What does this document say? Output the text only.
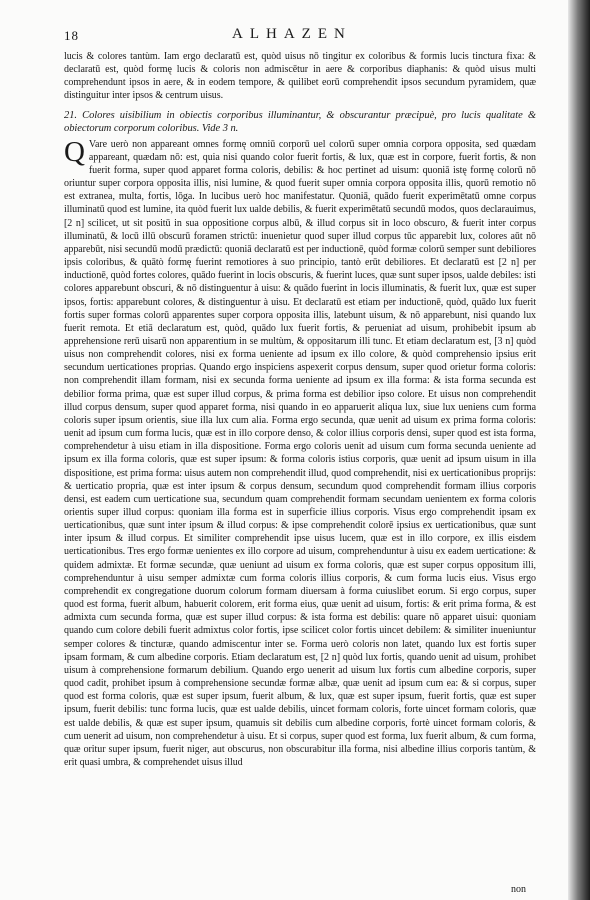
18	ALHAZEN

lucis & colores tantùm. Iam ergo declaratū est, quòd uisus nō tingitur ex coloribus & formis lucis tinctura fixa: & declaratū est, quòd formę lucis & coloris non admiscētur in aere & corporibus diaphanis: & quòd uisus multi comprehendunt ipsos in aere, & in eodem tempore, & quilibet eorū comprehendit ipsos secundum pyramidem, quæ distinguitur inter ipsos & centrum uisus.

21. Colores uisibilium in obiectis corporibus illuminantur, & obscurantur præcipuè, pro lucis qualitate & obiectorum corporum coloribus. Vide 3 n.

Q Vare uerò non appareant omnes formę omniū corporū uel colorū super omnia corpora opposita, sed quædam appareant, quædam nō: est, quia nisi quando color fuerit fortis, & lux, quæ est in corpore, fuerit fortis, & non fuerit forma, super quod apparet forma coloris, debilis: & hoc pertinet ad uisum: quoniā istę formę colorū nō oriuntur super corpora opposita illis, nisi lumine, & quod fuerit super omnia corpora opposita illis, quorū remotio nō est extranea, multa, fortis, lōga. In lucibus uerò hoc manifestatur. Quoniā, quādo fuerit experimētatū omne corpus illuminatū quod est lumine, ita quòd fuerit lux ualde debilis, & fuerit experimētatū secundū modos, quos declarauimus, [2 n] scilicet, ut sit positū in sua oppositione corpus albū, & illud corpus sit in loco obscuro, & fuerit inter corpus illuminatū, & locū illū obscurū foramen strictū: inuenietur quod super illud corpus tūc apparebit lux, colores aūt nō apparebūt, nisi secundū modū prædictū: quoniā declaratū est per inductionē, quòd formæ colorū semper sunt debiliores ipsis coloribus, & quātò formę fuerint remotiores à suo principio, tantò erūt debiliores. Et declaratū est [2 n] per inductionē, quòd fortes colores, quādo fuerint in locis obscuris, & fuerint luces, quæ sunt super ipsos, ualde debiles: isti colores apparebunt obscuri, & nō distinguentur à uisu: & quādo fuerint in locis illuminatis, & fuerit lux, quæ est super ipsos, fortis: apparebunt colores, & distinguentur à uisu. Et declaratū est etiam per inductionē, quòd, quādo lux fuerit fortis super formas colorū apparentes super corpora opposita illis, latebunt uisum, & nō apparebunt, nisi quando lux fuerit remota. Et etiā declaratum est, quòd, quādo lux fuerit fortis, & perueniat ad uisum, prohibebit ipsum ab apprehensione rerū uisarū non apparentium in se multùm, & oppositarum illi tunc. Et etiam declaratum est, [3 n] quòd uisus non comprehendit colores, nisi ex forma ueniente ad ipsum ex illo colore, & quòd comprehensio ipsius erit secundum uerticationes proprias. Quando ergo inspiciens aspexerit corpus densum, super quod orietur forma coloris: non comprehendit illam formam, nisi ex secunda forma ueniente ad ipsum ex illa forma: & ista forma secunda est debilior forma prima, quæ est super illud corpus, & prima forma est debilior ipso colore. Et uisus non comprehendit illud corpus densum, super quod apparet forma, nisi quando in eo apparuerit aliqua lux, siue lux ueniens cum forma coloris super ipsum orientis, siue illa lux cum alia. Forma ergo secunda, quæ uenit ad uisum ex prima forma coloris: uenit ad ipsum cum forma lucis, quæ est in illo corpore denso, & color illius corporis densi, super quod est ista forma, comprehendetur à uisu etiam in illa dispositione. Forma ergo coloris uenit ad uisum cum forma secunda ueniente ad ipsum ex illa forma coloris, quæ est super ipsum: & forma coloris istius corporis, quæ uenit ad ipsum uisum in illa dispositione, est prima forma: uisus autem non comprehendit illud, quod comprehendit, nisi ex uerticationibus proprijs: & uerticatio propria, quæ est inter ipsum & corpus densum, secundum quod comprehendit formam illius corporis densi, est eadem cum uerticatione sua, secundum quam comprehendit formam secundam uenientem ex forma coloris orientis super illud corpus: quoniam illa forma est in superficie illius corporis. Visus ergo comprehendit ipsam ex uerticationibus, quæ sunt inter ipsum & illud corpus: & ipse comprehendit colorē ipsius ex uerticationibus, quæ sunt inter ipsum & illud corpus. Et similiter comprehendit ipse uisus lucem, quæ est in illo corpore, ex illis eisdem uerticationibus. Tres ergo formæ uenientes ex illo corpore ad uisum, comprehenduntur à uisu ex eadem uerticatione: & quidem admixtæ. Et formæ secundæ, quæ ueniunt ad uisum ex forma coloris, quæ est super corpus oppositum illi, comprehenduntur à uisu semper admixtæ cum forma coloris illius corporis, & cum forma lucis eius. Visus ergo comprehendit ex congregatione duorum colorum formam diuersam à forma cuiuslibet eorum. Si ergo corpus, super quod est forma, fuerit album, habuerit colorem, erit forma eius, quæ uenit ad uisum, fortis: & erit prima forma, & est admixta cum secunda forma, quæ est super illud corpus: & ista forma est debilis: quare nō apparet uisui: quoniam quando cum colore debili fuerit admixtus color fortis, ipse scilicet color fortis uincet debilem: & similiter inueniuntur semper colores & tincturæ, quando admiscentur inter se. Forma uerò coloris non latet, quando lux est fortis super ipsam formam, & cum albedine corporis. Etiam declaratum est, [2 n] quòd lux fortis, quando uenit ad uisum, prohibet uisum à comprehensione formarum debilium. Quando ergo uenerit ad uisum lux fortis cum albedine corporis, super quod cadit, prohibet ipsum à comprehensione secundæ formæ albæ, quæ uenit ad ipsum cum ea: & si corpus, super quod est forma coloris, quæ est super ipsum, fuerit album, & lux, quæ est super ipsum, fuerit fortis, quæ est super ipsum, fuerit debilis: tunc forma lucis, quæ est ualde debilis, uincet formam coloris, forte uincet formam coloris, quæ est ualde debilis, & quæ est super ipsum, quamuis sit debilis cum albedine corporis, fortè uincet formam coloris, & cum uenerit ad uisum, non comprehendetur à uisu. Et si corpus, super quod est forma, lux fuerit album, & cum forma, quæ oritur super ipsum, fuerit niger, aut obscurus, non obscurabitur illa forma, nisi albedine illius corporis tantùm, & erit quasi umbra, & comprehendet uisus illud

non
